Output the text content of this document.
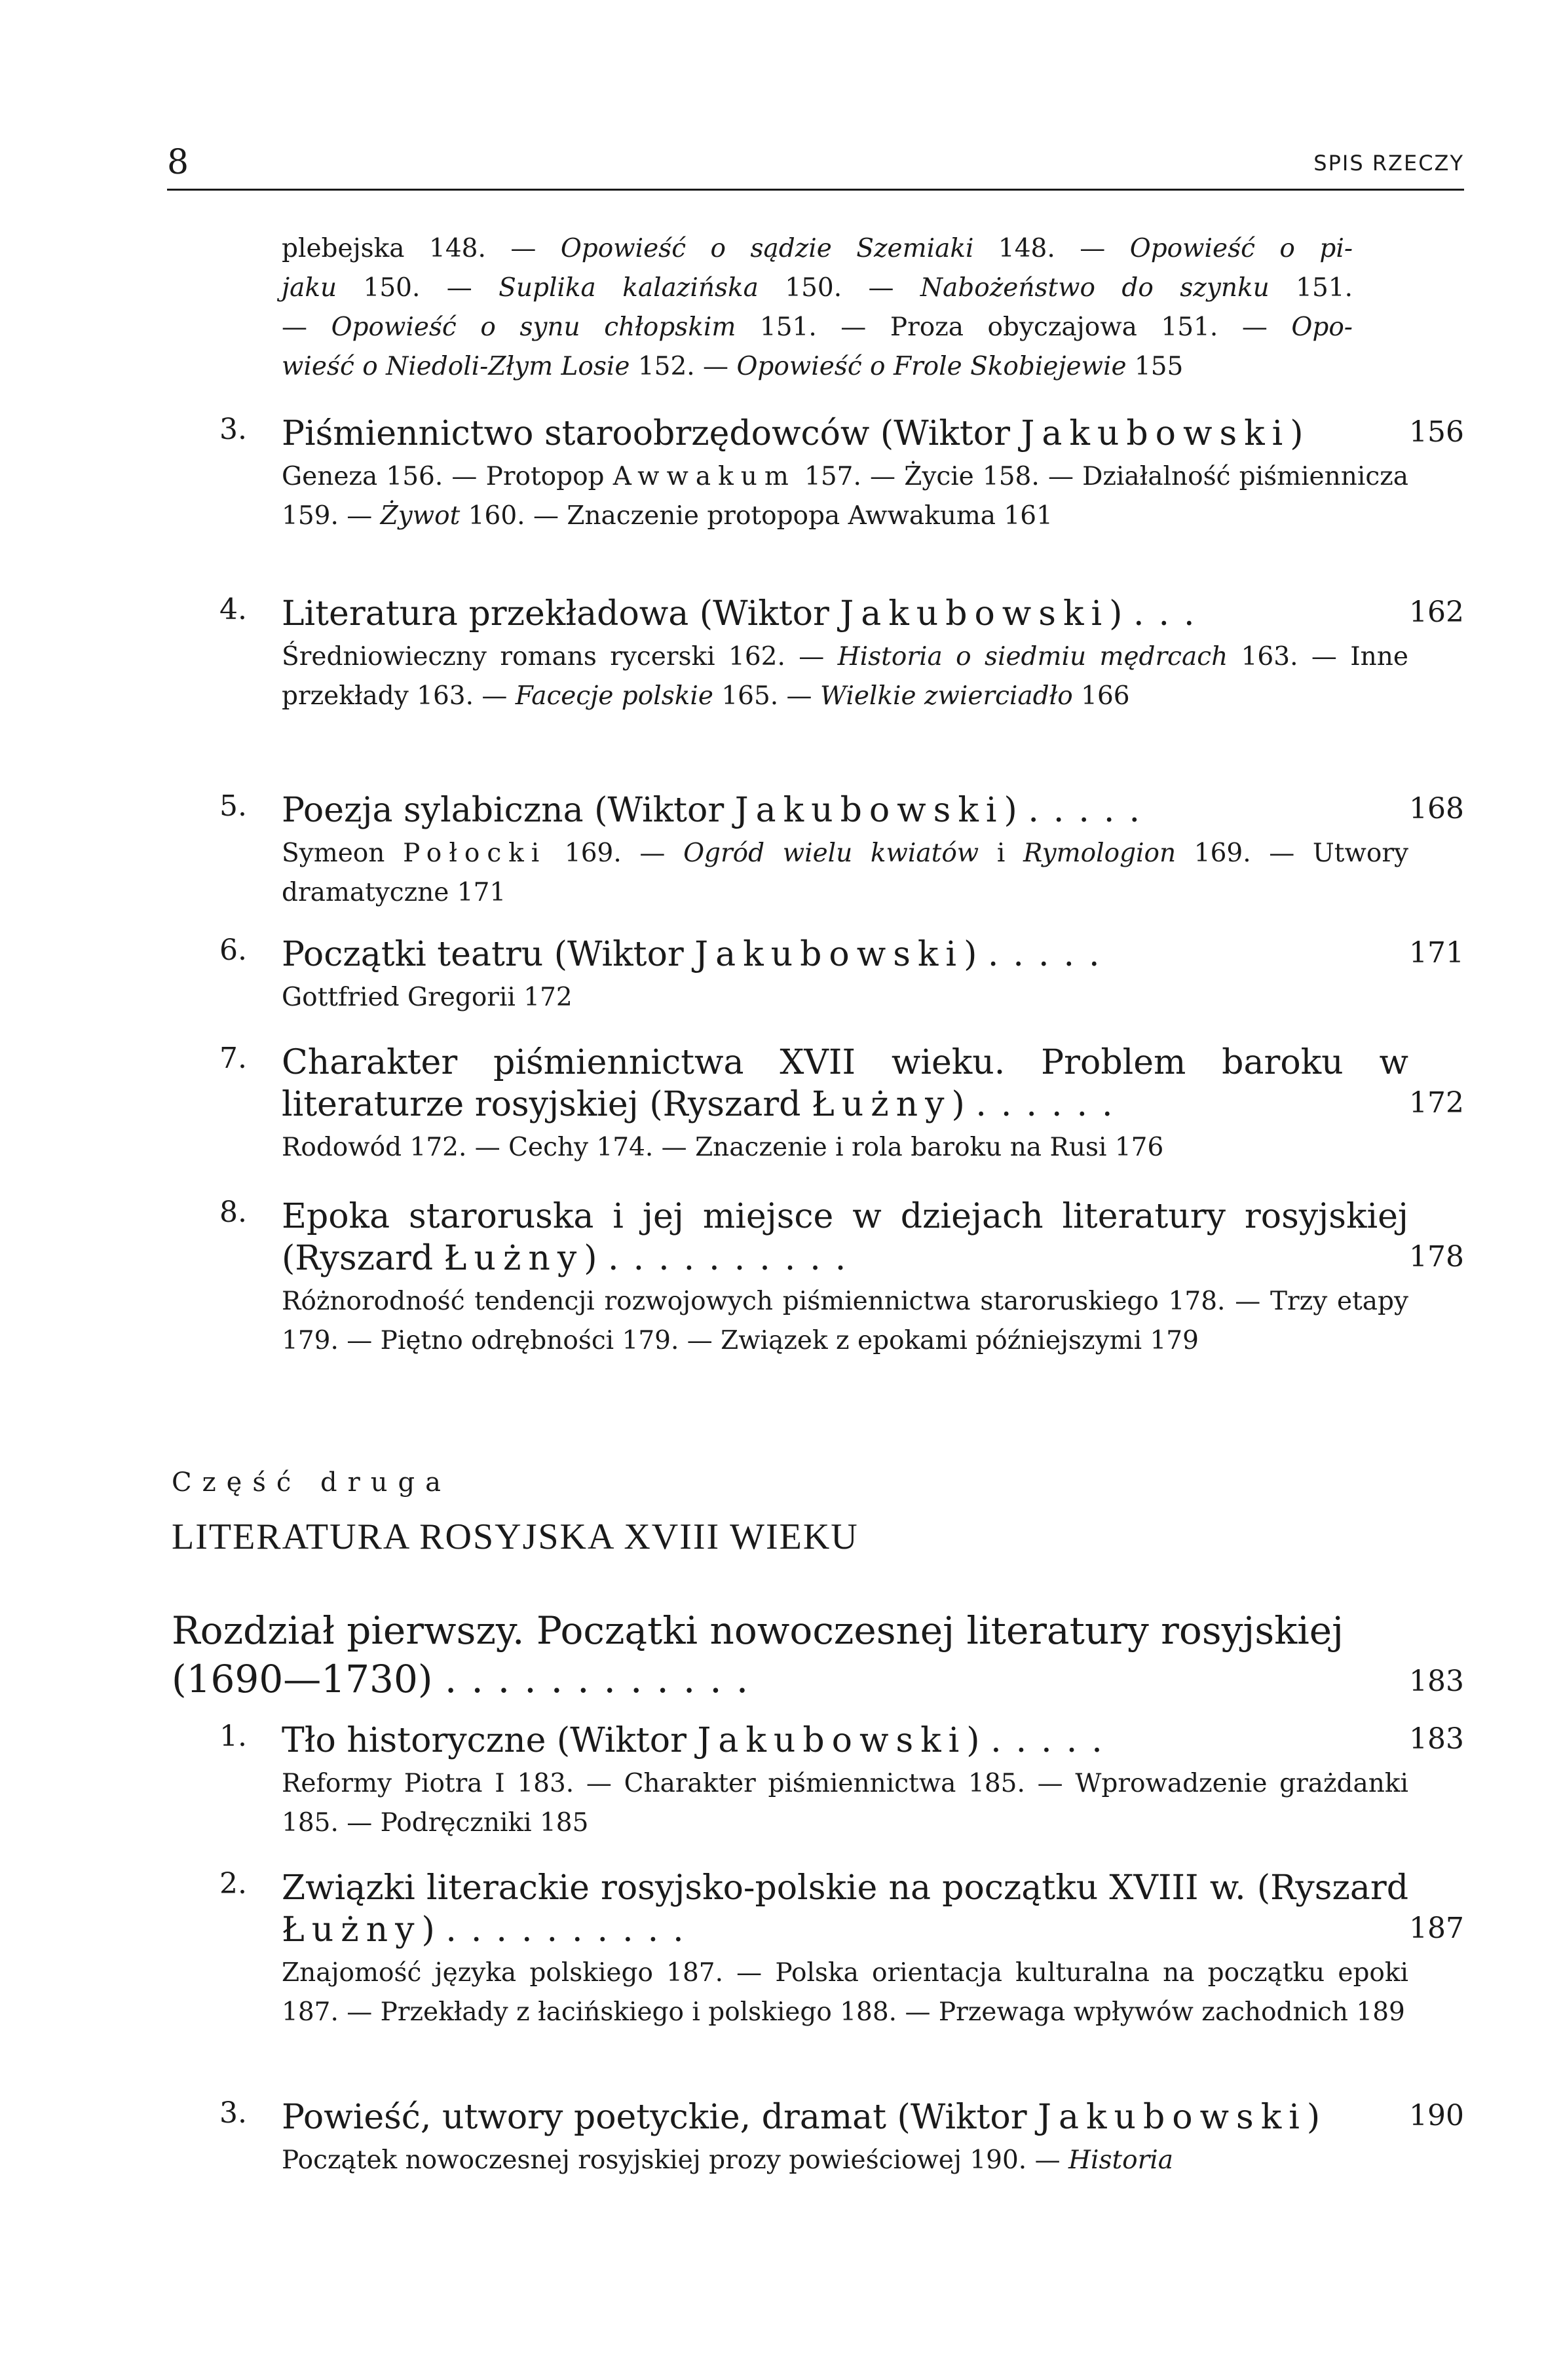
8	SPIS RZECZY
plebejska 148. — Opowieść o sądzie Szemiaki 148. — Opowieść o pi-
jaku 150. — Suplika kalazińska 150. — Nabożeństwo do szynku 151.
— Opowieść o synu chłopskim 151. — Proza obyczajowa 151. — Opo-
wieść o Niedoli-Złym Losie 152. — Opowieść o Frole Skobiejewie 155
3. Piśmiennictwo staroobrzędowców (Wiktor Jakubowski)	156
Geneza 156. — Protopop Awwakum 157. — Życie 158. — Działalność piśmiennicza 159. — Żywot 160. — Znaczenie protopopa Awwakuma 161
4. Literatura przekładowa (Wiktor Jakubowski) ...	162
Średniowieczny romans rycerski 162. — Historia o siedmiu mędrcach 163. — Inne przekłady 163. — Facecje polskie 165. — Wielkie zwierciadło 166
5. Poezja sylabiczna (Wiktor Jakubowski) .....	168
Symeon Połocki 169. — Ogród wielu kwiatów i Rymologion 169. — Utwory dramatyczne 171
6. Początki teatru (Wiktor Jakubowski) .....	171
Gottfried Gregorii 172
7. Charakter piśmiennictwa XVII wieku. Problem baroku w literaturze rosyjskiej (Ryszard Łużny) ......	172
Rodowód 172. — Cechy 174. — Znaczenie i rola baroku na Rusi 176
8. Epoka staroruska i jej miejsce w dziejach literatury rosyjskiej (Ryszard Łużny) ..........	178
Różnorodność tendencji rozwojowych piśmiennictwa staroruskiego 178. — Trzy etapy 179. — Piętno odrębności 179. — Związek z epokami późniejszymi 179
Część druga
LITERATURA ROSYJSKA XVIII WIEKU
Rozdział pierwszy. Początki nowoczesnej literatury rosyjskiej (1690—1730) ............	183
1. Tło historyczne (Wiktor Jakubowski) .....	183
Reformy Piotra I 183. — Charakter piśmiennictwa 185. — Wprowadzenie grażdanki 185. — Podręczniki 185
2. Związki literackie rosyjsko-polskie na początku XVIII w. (Ryszard Łużny) ..........	187
Znajomość języka polskiego 187. — Polska orientacja kulturalna na początku epoki 187. — Przekłady z łacińskiego i polskiego 188. — Przewaga wpływów zachodnich 189
3. Powieść, utwory poetyckie, dramat (Wiktor Jakubowski)	190
Początek nowoczesnej rosyjskiej prozy powieściowej 190. — Historia
